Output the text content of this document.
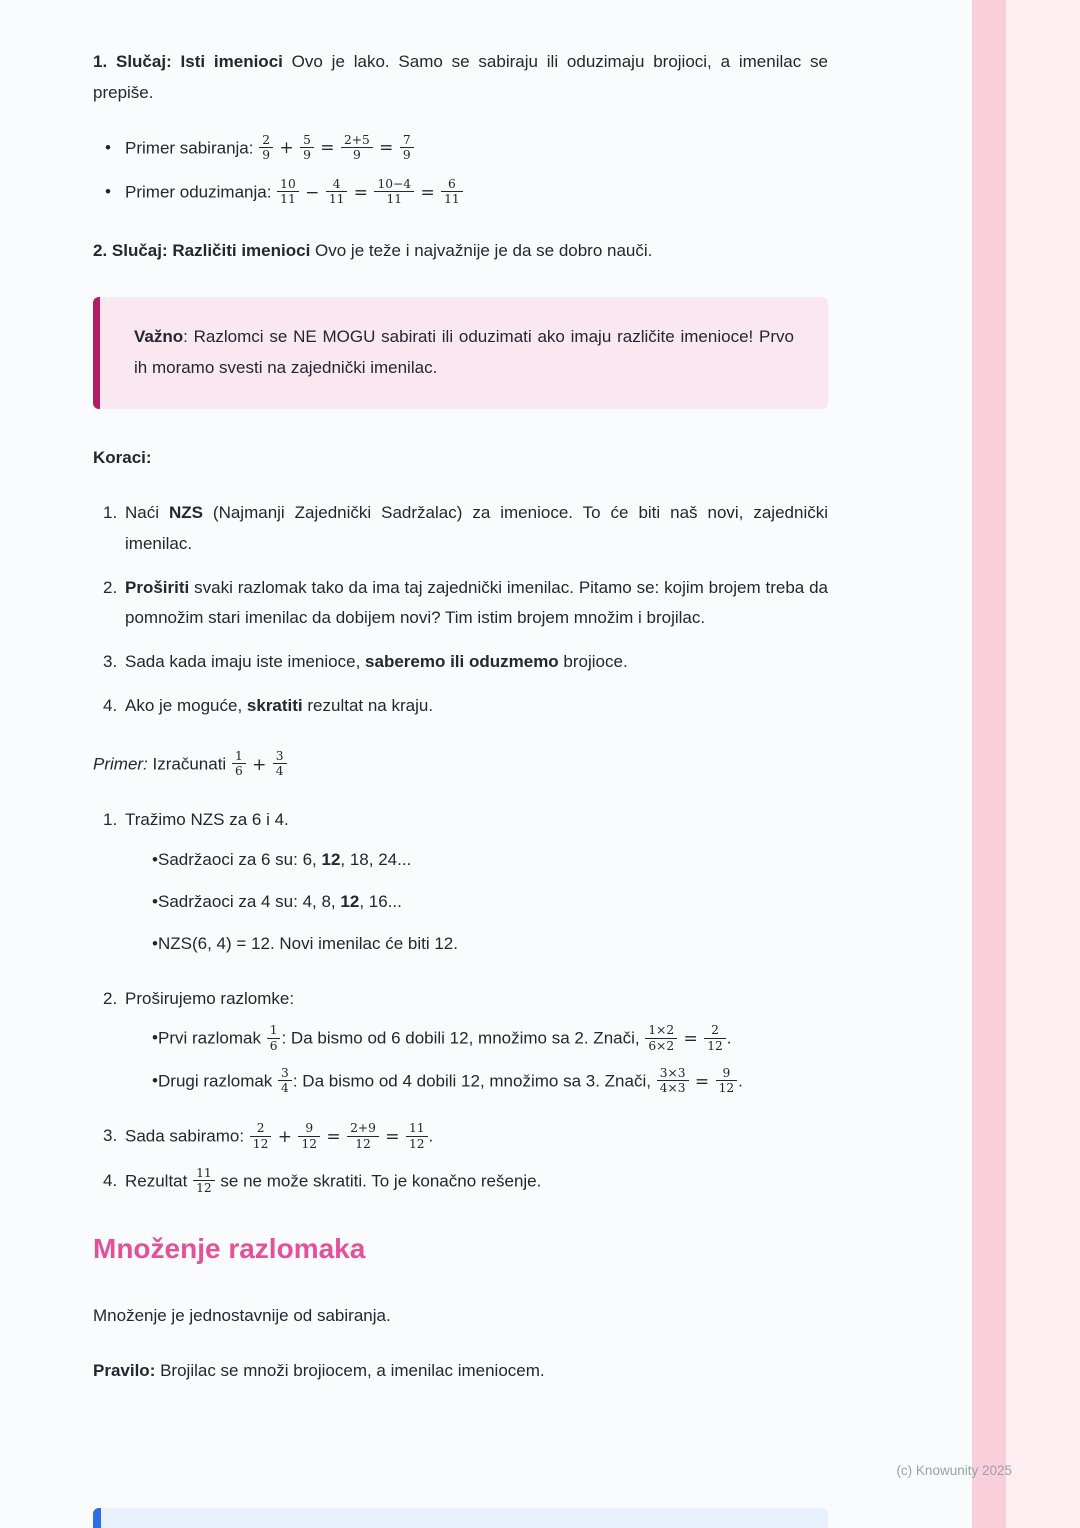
1. Slučaj: Isti imenioci Ovo je lako. Samo se sabiraju ili oduzimaju brojioci, a imenilac se prepiše.

• Primer sabiranja: $\frac{2}{9} + \frac{5}{9} = \frac{2+5}{9} = \frac{7}{9}$
• Primer oduzimanja: $\frac{10}{11} - \frac{4}{11} = \frac{10-4}{11} = \frac{6}{11}$

2. Slučaj: Različiti imenioci Ovo je teže i najvažnije je da se dobro nauči.

Važno: Razlomci se NE MOGU sabirati ili oduzimati ako imaju različite imenioce! Prvo ih moramo svesti na zajednički imenilac.

Koraci:

1. Naći NZS (Najmanji Zajednički Sadržalac) za imenioce. To će biti naš novi, zajednički imenilac.
2. Proširiti svaki razlomak tako da ima taj zajednički imenilac. Pitamo se: kojim brojem treba da pomnožim stari imenilac da dobijem novi? Tim istim brojem množim i brojilac.
3. Sada kada imaju iste imenioce, saberemo ili oduzmemo brojioce.
4. Ako je moguće, skratiti rezultat na kraju.

Primer: Izračunati $\frac{1}{6} + \frac{3}{4}$

1. Tražimo NZS za 6 i 4.
• Sadržaoci za 6 su: 6, 12, 18, 24...
• Sadržaoci za 4 su: 4, 8, 12, 16...
• NZS(6, 4) = 12. Novi imenilac će biti 12.
2. Proširujemo razlomke:
• Prvi razlomak $\frac{1}{6}$ : Da bismo od 6 dobili 12, množimo sa 2. Znači, $\frac{1\times 2}{6\times 2} = \frac{2}{12}$ .
• Drugi razlomak $\frac{3}{4}$ : Da bismo od 4 dobili 12, množimo sa 3. Znači, $\frac{3\times 3}{4\times 3} = \frac{9}{12}$ .
3. Sada sabiramo: $\frac{2}{12} + \frac{9}{12} = \frac{2+9}{12} = \frac{11}{12}$ .
4. Rezultat $\frac{11}{12}$ se ne može skratiti. To je konačno rešenje.
Množenje razlomaka

Množenje je jednostavnije od sabiranja.

Pravilo: Brojilac se množi brojiocem, a imenilac imeniocem.

(c) Knowunity 2025
